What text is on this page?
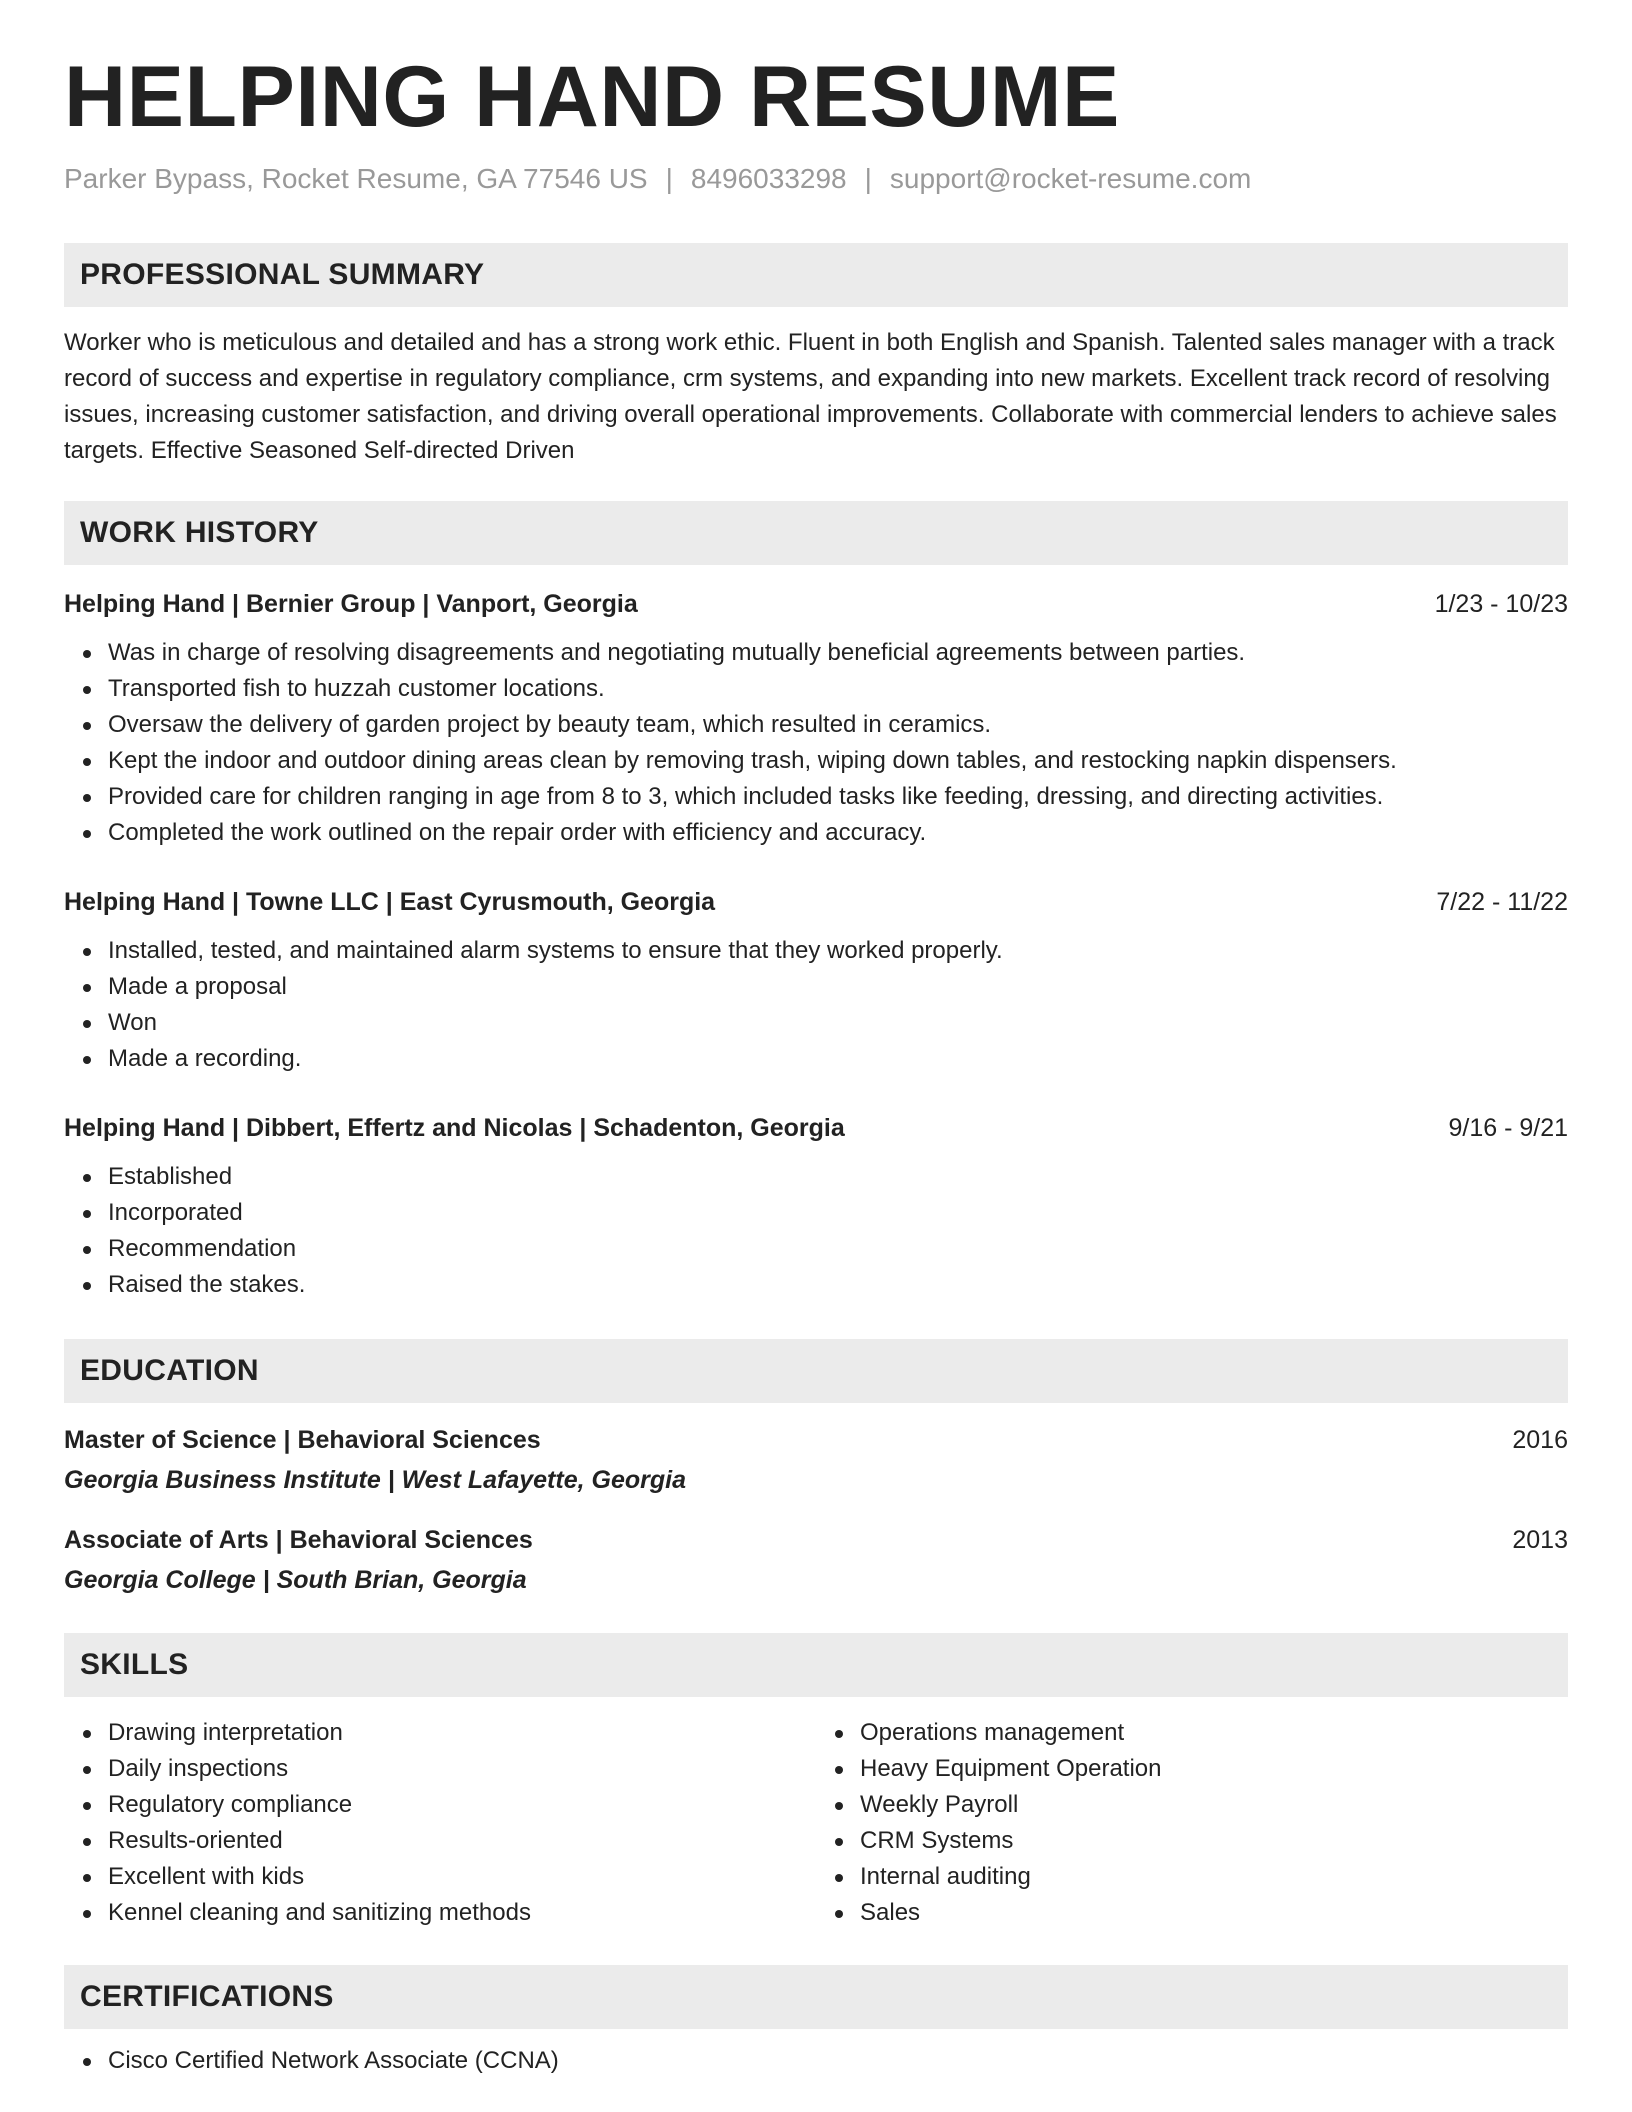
HELPING HAND RESUME
Parker Bypass, Rocket Resume, GA 77546 US | 8496033298 | support@rocket-resume.com
PROFESSIONAL SUMMARY

Worker who is meticulous and detailed and has a strong work ethic. Fluent in both English and Spanish. Talented sales manager with a track record of success and expertise in regulatory compliance, crm systems, and expanding into new markets. Excellent track record of resolving issues, increasing customer satisfaction, and driving overall operational improvements. Collaborate with commercial lenders to achieve sales targets. Effective Seasoned Self-directed Driven

WORK HISTORY
Helping Hand | Bernier Group | Vanport, Georgia	1/23 - 10/23
Was in charge of resolving disagreements and negotiating mutually beneficial agreements between parties.
Transported fish to huzzah customer locations.
Oversaw the delivery of garden project by beauty team, which resulted in ceramics.
Kept the indoor and outdoor dining areas clean by removing trash, wiping down tables, and restocking napkin dispensers.
Provided care for children ranging in age from 8 to 3, which included tasks like feeding, dressing, and directing activities.
Completed the work outlined on the repair order with efficiency and accuracy.
Helping Hand | Towne LLC | East Cyrusmouth, Georgia	7/22 - 11/22
Installed, tested, and maintained alarm systems to ensure that they worked properly.
Made a proposal
Won
Made a recording.
Helping Hand | Dibbert, Effertz and Nicolas | Schadenton, Georgia	9/16 - 9/21
Established
Incorporated
Recommendation
Raised the stakes.
EDUCATION
Master of Science | Behavioral Sciences	2016
Georgia Business Institute | West Lafayette, Georgia
Associate of Arts | Behavioral Sciences	2013
Georgia College | South Brian, Georgia
SKILLS
Drawing interpretation
Daily inspections
Regulatory compliance
Results-oriented
Excellent with kids
Kennel cleaning and sanitizing methods
Operations management
Heavy Equipment Operation
Weekly Payroll
CRM Systems
Internal auditing
Sales
CERTIFICATIONS
Cisco Certified Network Associate (CCNA)
